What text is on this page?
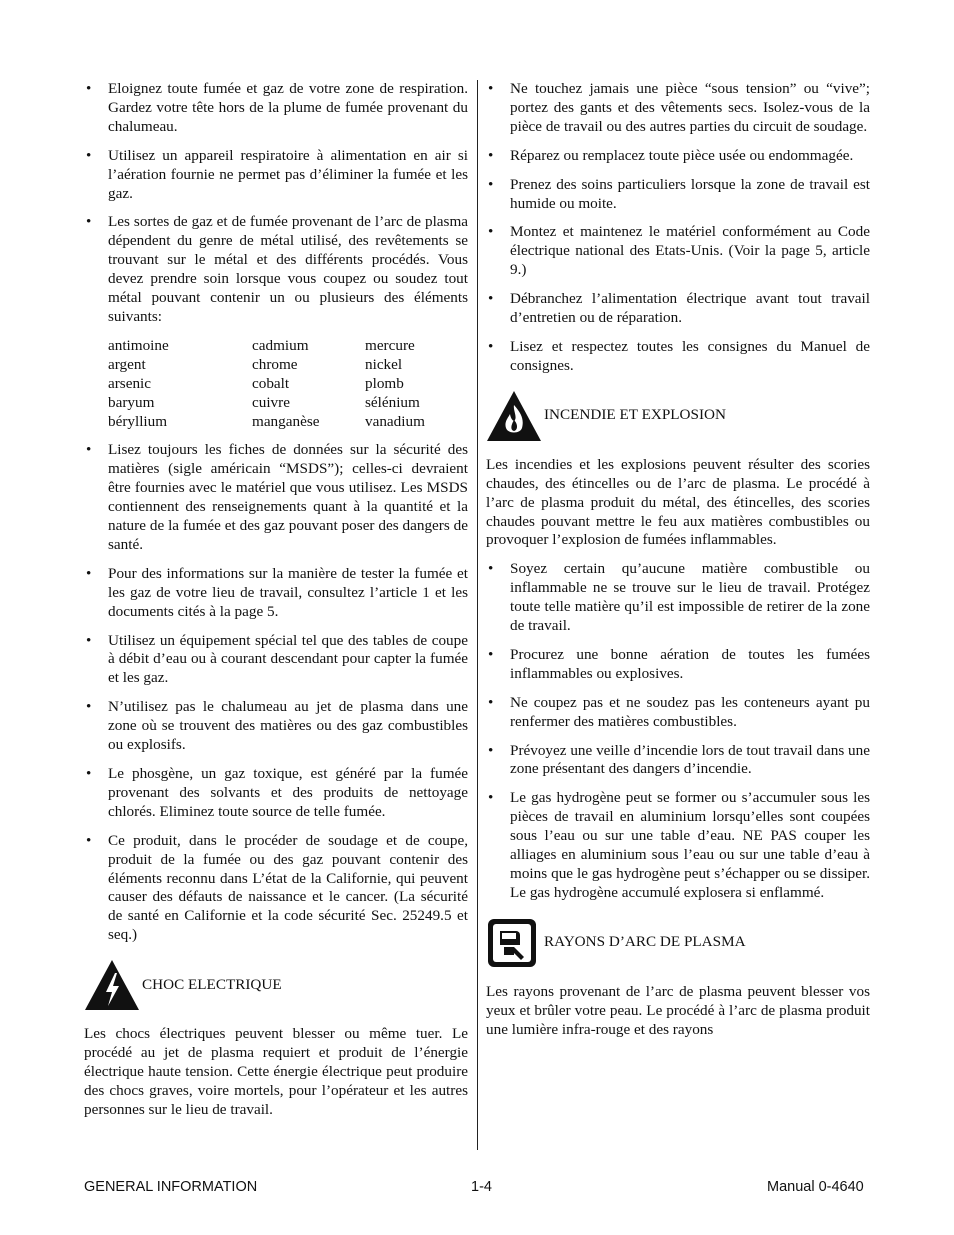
• Eloignez toute fumée et gaz de votre zone de respiration. Gardez votre tête hors de la plume de fumée provenant du chalumeau.
• Utilisez un appareil respiratoire à alimentation en air si l’aération fournie ne permet pas d’éliminer la fumée et les gaz.
• Les sortes de gaz et de fumée provenant de l’arc de plasma dépendent du genre de métal utilisé, des revêtements se trouvant sur le métal et des différents procédés. Vous devez prendre soin lorsque vous coupez ou soudez tout métal pouvant contenir un ou plusieurs des éléments suivants:
antimoine	cadmium	mercure
argent	chrome	nickel
arsenic	cobalt	plomb
baryum	cuivre	sélénium
béryllium	manganèse	vanadium
• Lisez toujours les fiches de données sur la sécurité des matières (sigle américain “MSDS”); celles-ci devraient être fournies avec le matériel que vous utilisez. Les MSDS contiennent des renseignements quant à la quantité et la nature de la fumée et des gaz pouvant poser des dangers de santé.
• Pour des informations sur la manière de tester la fumée et les gaz de votre lieu de travail, consultez l’article 1 et les documents cités à la page 5.
• Utilisez un équipement spécial tel que des tables de coupe à débit d’eau ou à courant descendant pour capter la fumée et les gaz.
• N’utilisez pas le chalumeau au jet de plasma dans une zone où se trouvent des matières ou des gaz combustibles ou explosifs.
• Le phosgène, un gaz toxique, est généré par la fumée provenant des solvants et des produits de nettoyage chlorés. Eliminez toute source de telle fumée.
• Ce produit, dans le procéder de soudage et de coupe, produit de la fumée ou des gaz pouvant contenir des éléments reconnu dans L’état de la Californie, qui peuvent causer des défauts de naissance et le cancer. (La sécurité de santé en Californie et la code sécurité Sec. 25249.5 et seq.)
CHOC ELECTRIQUE

Les chocs électriques peuvent blesser ou même tuer. Le procédé au jet de plasma requiert et produit de l’énergie électrique haute tension. Cette énergie électrique peut produire des chocs graves, voire mortels, pour l’opérateur et les autres personnes sur le lieu de travail.

• Ne touchez jamais une pièce “sous tension” ou “vive”; portez des gants et des vêtements secs. Isolez-vous de la pièce de travail ou des autres parties du circuit de soudage.
• Réparez ou remplacez toute pièce usée ou endommagée.
• Prenez des soins particuliers lorsque la zone de travail est humide ou moite.
• Montez et maintenez le matériel conformément au Code électrique national des Etats-Unis. (Voir la page 5, article 9.)
• Débranchez l’alimentation électrique avant tout travail d’entretien ou de réparation.
• Lisez et respectez toutes les consignes du Manuel de consignes.
INCENDIE ET EXPLOSION

Les incendies et les explosions peuvent résulter des scories chaudes, des étincelles ou de l’arc de plasma. Le procédé à l’arc de plasma produit du métal, des étincelles, des scories chaudes pouvant mettre le feu aux matières combustibles ou provoquer l’explosion de fumées inflammables.

• Soyez certain qu’aucune matière combustible ou inflammable ne se trouve sur le lieu de travail. Protégez toute telle matière qu’il est impossible de retirer de la zone de travail.
• Procurez une bonne aération de toutes les fumées inflammables ou explosives.
• Ne coupez pas et ne soudez pas les conteneurs ayant pu renfermer des matières combustibles.
• Prévoyez une veille d’incendie lors de tout travail dans une zone présentant des dangers d’incendie.
• Le gas hydrogène peut se former ou s’accumuler sous les pièces de travail en aluminium lorsqu’elles sont coupées sous l’eau ou sur une table d’eau. NE PAS couper les alliages en aluminium sous l’eau ou sur une table d’eau à moins que le gas hydrogène peut s’échapper ou se dissiper. Le gas hydrogène accumulé explosera si enflammé.
RAYONS D’ARC DE PLASMA

Les rayons provenant de l’arc de plasma peuvent blesser vos yeux et brûler votre peau. Le procédé à l’arc de plasma produit une lumière infra-rouge et des rayons

GENERAL INFORMATION	1-4	Manual 0-4640
